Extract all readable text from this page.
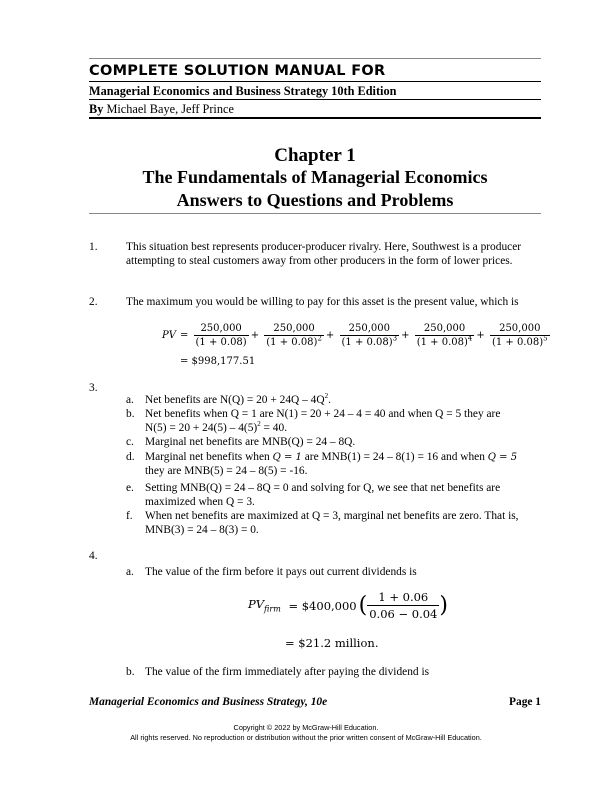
COMPLETE SOLUTION MANUAL FOR
Managerial Economics and Business Strategy 10th Edition
By Michael Baye, Jeff Prince
Chapter 1
The Fundamentals of Managerial Economics
Answers to Questions and Problems
1. This situation best represents producer-producer rivalry. Here, Southwest is a producer attempting to steal customers away from other producers in the form of lower prices.
2. The maximum you would be willing to pay for this asset is the present value, which is
PV = $\frac{250,000}{(1 + 0.08)} + \frac{250,000}{(1 + 0.08)^2} + \frac{250,000}{(1 + 0.08)^3} + \frac{250,000}{(1 + 0.08)^4} + \frac{250,000}{(1 + 0.08)^5}$
= $998,177.51
3.
a. Net benefits are $N(Q) = 20 + 24Q - 4Q^2$.
b. Net benefits when Q = 1 are N(1) = 20 + 24 – 4 = 40 and when Q = 5 they are
$N(5) = 20 + 24(5) - 4(5)^2 = 40$.
c. Marginal net benefits are MNB(Q) = 24 – 8Q.
d. Marginal net benefits when Q = 1 are MNB(1) = 24 – 8(1) = 16 and when Q = 5
they are MNB(5) = 24 – 8(5) = -16.
e. Setting MNB(Q) = 24 – 8Q = 0 and solving for Q, we see that net benefits are maximized when Q = 3.
f. When net benefits are maximized at Q = 3, marginal net benefits are zero. That is, MNB(3) = 24 – 8(3) = 0.
4.
a. The value of the firm before it pays out current dividends is
$PV_{firm}$ = $400,000( $\frac{1 + 0.06}{0.06 - 0.04}$ )
= $21.2 million.
b. The value of the firm immediately after paying the dividend is
Managerial Economics and Business Strategy, 10e	Page 1
Copyright © 2022 by McGraw-Hill Education.
All rights reserved. No reproduction or distribution without the prior written consent of McGraw-Hill Education.
